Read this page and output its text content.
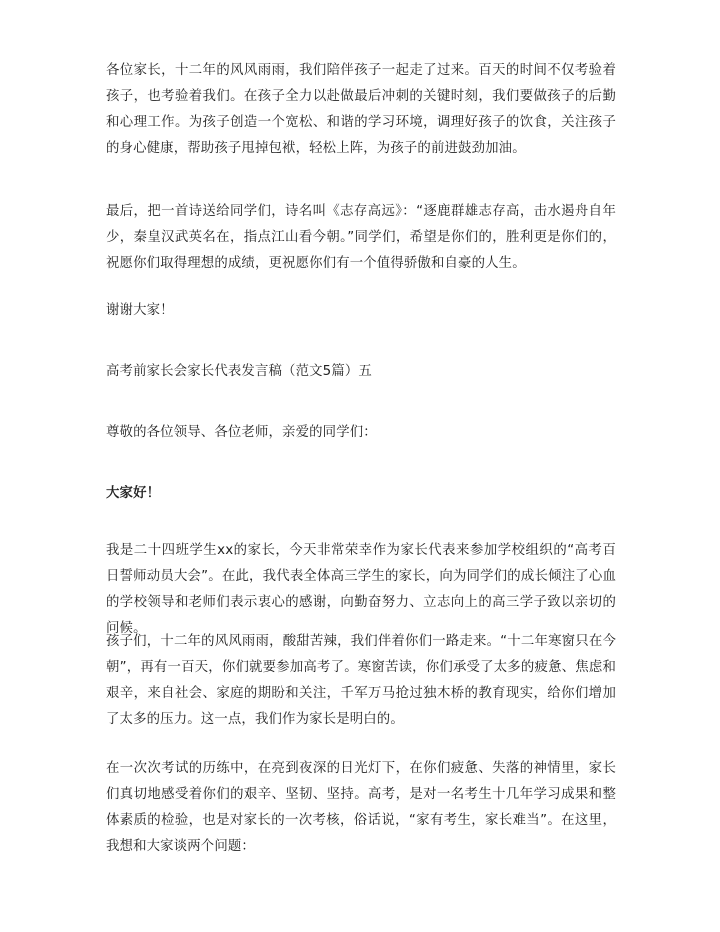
各位家长，十二年的风风雨雨，我们陪伴孩子一起走了过来。百天的时间不仅考验着孩子，也考验着我们。在孩子全力以赴做最后冲刺的关键时刻，我们要做孩子的后勤和心理工作。为孩子创造一个宽松、和谐的学习环境，调理好孩子的饮食，关注孩子的身心健康，帮助孩子甩掉包袱，轻松上阵，为孩子的前进鼓劲加油。

最后，把一首诗送给同学们，诗名叫《志存高远》：“逐鹿群雄志存高，击水遏舟自年少，秦皇汉武英名在，指点江山看今朝。”同学们，希望是你们的，胜利更是你们的，祝愿你们取得理想的成绩，更祝愿你们有一个值得骄傲和自豪的人生。

谢谢大家！

高考前家长会家长代表发言稿（范文5篇）五

尊敬的各位领导、各位老师，亲爱的同学们：

大家好！

我是二十四班学生xx的家长，今天非常荣幸作为家长代表来参加学校组织的“高考百日誓师动员大会”。在此，我代表全体高三学生的家长，向为同学们的成长倾注了心血的学校领导和老师们表示衷心的感谢，向勤奋努力、立志向上的高三学子致以亲切的问候。

孩子们，十二年的风风雨雨，酸甜苦辣，我们伴着你们一路走来。“十二年寒窗只在今朝”，再有一百天，你们就要参加高考了。寒窗苦读，你们承受了太多的疲惫、焦虑和艰辛，来自社会、家庭的期盼和关注，千军万马抢过独木桥的教育现实，给你们增加了太多的压力。这一点，我们作为家长是明白的。

在一次次考试的历练中，在亮到夜深的日光灯下，在你们疲惫、失落的神情里，家长们真切地感受着你们的艰辛、坚韧、坚持。高考，是对一名考生十几年学习成果和整体素质的检验，也是对家长的一次考核，俗话说，“家有考生，家长难当”。在这里，我想和大家谈两个问题：
